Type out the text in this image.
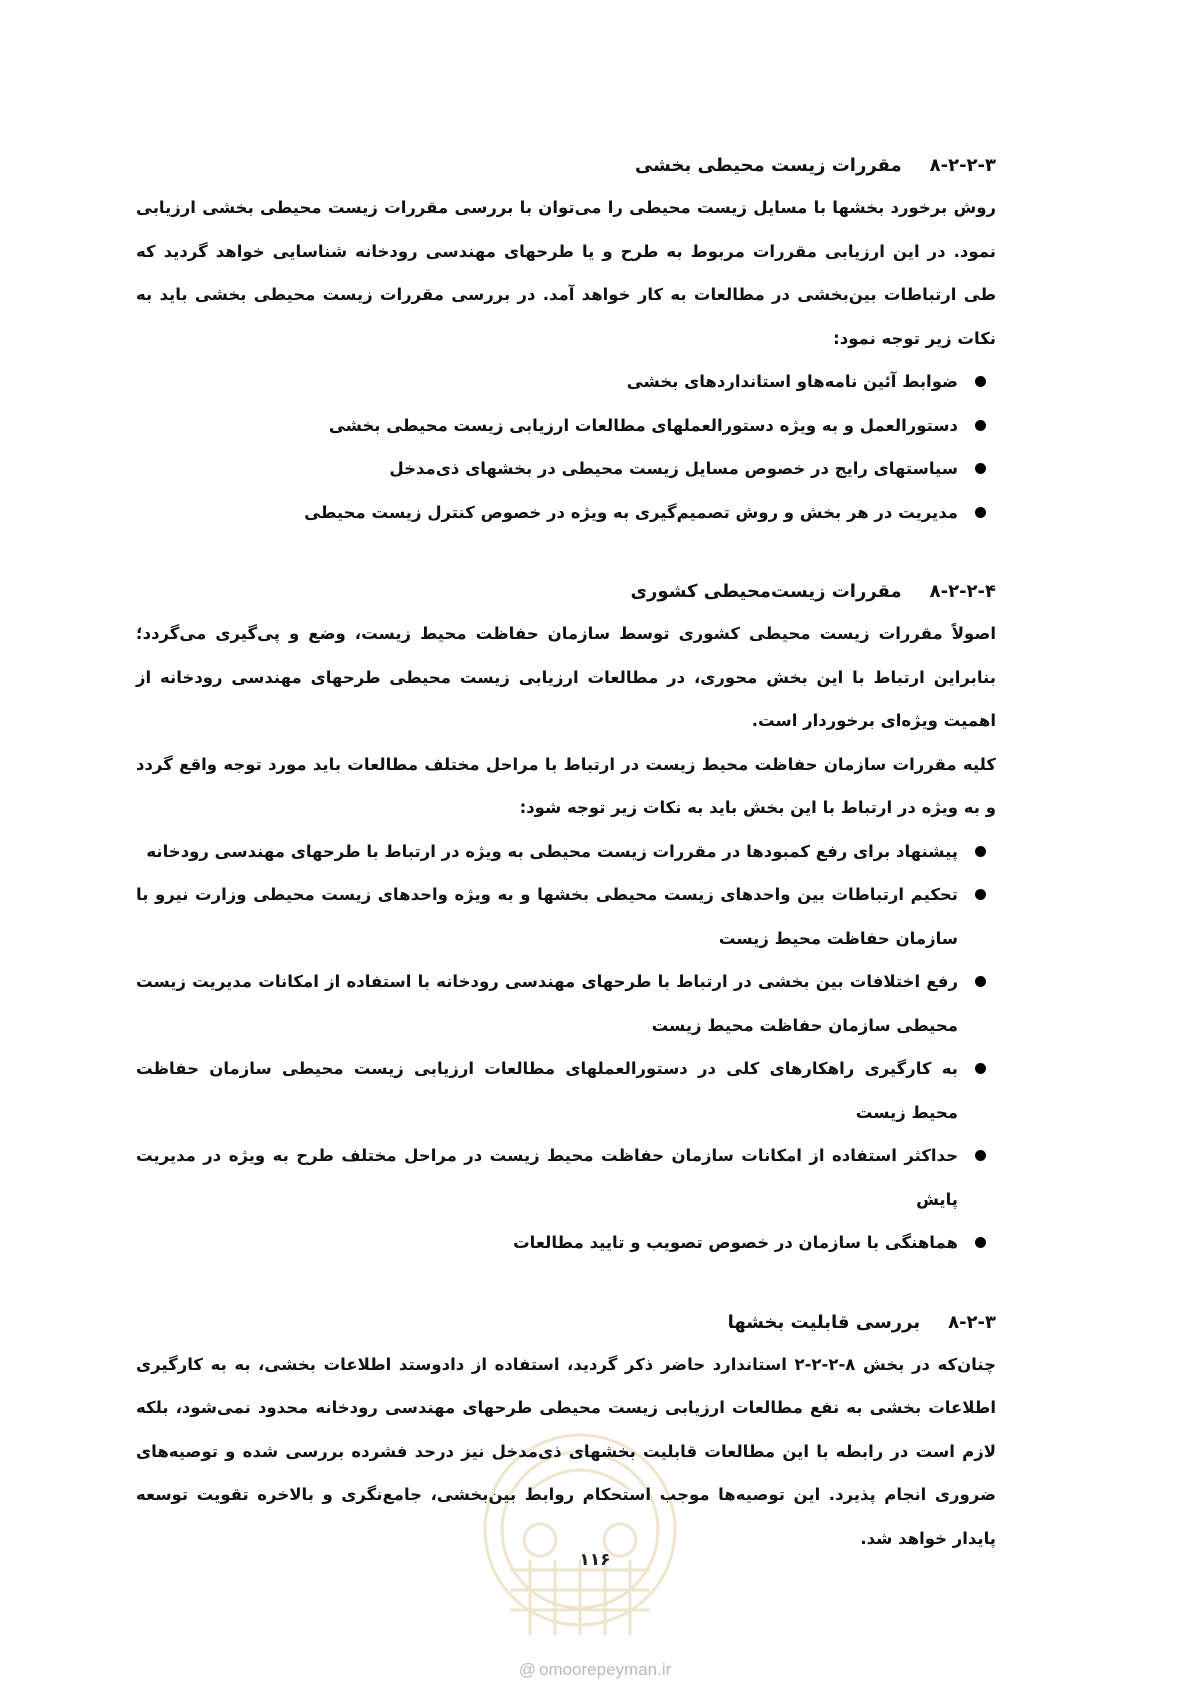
۸-۲-۲-۳
مقررات زیست محیطی بخشی

روش برخورد بخشها با مسایل زیست محیطی را می‌توان با بررسی مقررات زیست محیطی بخشی ارزیابی نمود. در این ارزیابی مقررات مربوط به طرح و یا طرحهای مهندسی رودخانه شناسایی خواهد گردید که طی ارتباطات بین‌بخشی در مطالعات به کار خواهد آمد. در بررسی مقررات زیست محیطی بخشی باید به نکات زیر توجه نمود:

ضوابط آئین نامه‌هاو استانداردهای بخشی
دستورالعمل و به ویژه دستورالعملهای مطالعات ارزیابی زیست محیطی بخشی
سیاستهای رایج در خصوص مسایل زیست محیطی در بخشهای ذی‌مدخل
مدیریت در هر بخش و روش تصمیم‌گیری به ویژه در خصوص کنترل زیست محیطی
۸-۲-۲-۴
مقررات زیست‌محیطی کشوری

اصولاً مقررات زیست محیطی کشوری توسط سازمان حفاظت محیط زیست، وضع و پی‌گیری می‌گردد؛ بنابراین ارتباط با این بخش محوری، در مطالعات ارزیابی زیست محیطی طرحهای مهندسی رودخانه از اهمیت ویژه‌ای برخوردار است.

کلیه مقررات سازمان حفاظت محیط زیست در ارتباط با مراحل مختلف مطالعات باید مورد توجه واقع گردد و به ویژه در ارتباط با این بخش باید به نکات زیر توجه شود:

پیشنهاد برای رفع کمبودها در مقررات زیست محیطی به ویژه در ارتباط با طرحهای مهندسی رودخانه
تحکیم ارتباطات بین واحدهای زیست محیطی بخشها و به ویژه واحدهای زیست محیطی وزارت نیرو با سازمان حفاظت محیط زیست
رفع اختلافات بین بخشی در ارتباط با طرحهای مهندسی رودخانه با استفاده از امکانات مدیریت زیست محیطی سازمان حفاظت محیط زیست
به کارگیری راهکارهای کلی در دستورالعملهای مطالعات ارزیابی زیست محیطی سازمان حفاظت محیط زیست
حداکثر استفاده از امکانات سازمان حفاظت محیط زیست در مراحل مختلف طرح به ویژه در مدیریت پایش
هماهنگی با سازمان در خصوص تصویب و تایید مطالعات
۸-۲-۳
بررسی قابلیت بخشها

چنان‌که در بخش ۸-۲-۲-۲ استاندارد حاضر ذکر گردید، استفاده از دادوستد اطلاعات بخشی، به به کارگیری اطلاعات بخشی به نفع مطالعات ارزیابی زیست محیطی طرحهای مهندسی رودخانه محدود نمی‌شود، بلکه لازم است در رابطه با این مطالعات قابلیت بخشهای ذی‌مدخل نیز درحد فشرده بررسی شده و توصیه‌های ضروری انجام پذیرد. این توصیه‌ها موجب استحکام روابط بین‌بخشی، جامع‌نگری و بالاخره تقویت توسعه پایدار خواهد شد.

۱۱۶
@ omoorepeyman.ir
